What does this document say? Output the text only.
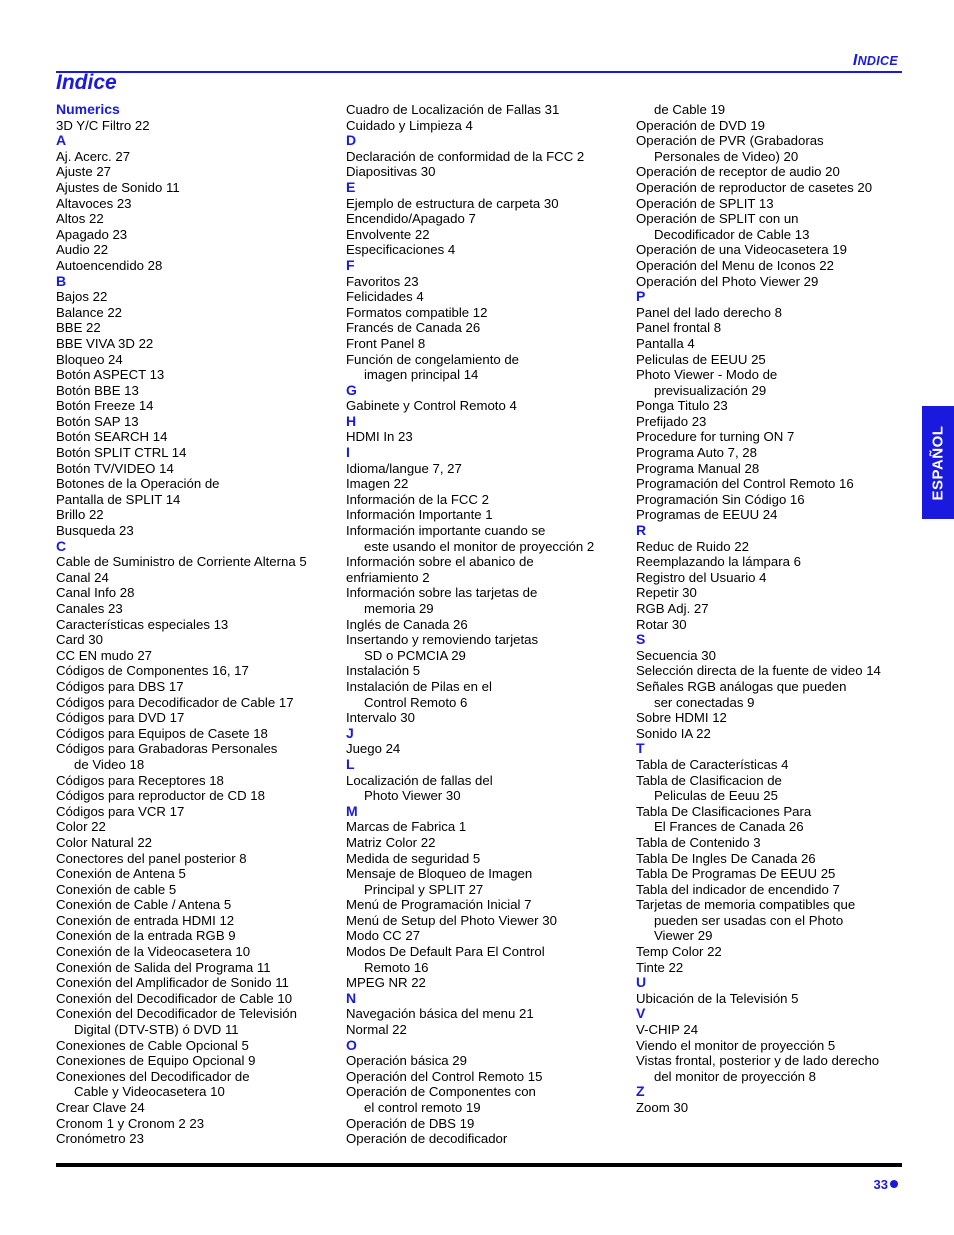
INDICE
Indice
Numerics
3D Y/C Filtro 22
A
Aj. Acerc. 27
Ajuste 27
Ajustes de Sonido 11
Altavoces 23
Altos 22
Apagado 23
Audio 22
Autoencendido 28
B
Bajos 22
Balance 22
BBE 22
BBE VIVA 3D 22
Bloqueo 24
Botón ASPECT 13
Botón BBE 13
Botón Freeze 14
Botón SAP 13
Botón SEARCH 14
Botón SPLIT CTRL 14
Botón TV/VIDEO 14
Botones de la Operación de
Pantalla de SPLIT 14
Brillo 22
Busqueda 23
C
Cable de Suministro de Corriente Alterna 5
Canal 24
Canal Info 28
Canales 23
Características especiales 13
Card 30
CC EN mudo 27
Códigos de Componentes 16, 17
Códigos para DBS 17
Códigos para Decodificador de Cable 17
Códigos para DVD 17
Códigos para Equipos de Casete 18
Códigos para Grabadoras Personales
de Video 18
Códigos para Receptores 18
Códigos para reproductor de CD 18
Códigos para VCR 17
Color 22
Color Natural 22
Conectores del panel posterior 8
Conexión de Antena 5
Conexión de cable 5
Conexión de Cable / Antena 5
Conexión de entrada HDMI 12
Conexión de la entrada RGB 9
Conexión de la Videocasetera 10
Conexión de Salida del Programa 11
Conexión del Amplificador de Sonido 11
Conexión del Decodificador de Cable 10
Conexión del Decodificador de Televisión
Digital (DTV-STB) ó DVD 11
Conexiones de Cable Opcional 5
Conexiones de Equipo Opcional 9
Conexiones del Decodificador de
Cable y Videocasetera 10
Crear Clave 24
Cronom 1 y Cronom 2 23
Cronómetro 23
Cuadro de Localización de Fallas 31
Cuidado y Limpieza 4
D
Declaración de conformidad de la FCC 2
Diapositivas 30
E
Ejemplo de estructura de carpeta 30
Encendido/Apagado 7
Envolvente 22
Especificaciones 4
F
Favoritos 23
Felicidades 4
Formatos compatible 12
Francés de Canada 26
Front Panel 8
Función de congelamiento de
imagen principal 14
G
Gabinete y Control Remoto 4
H
HDMI In 23
I
Idioma/langue 7, 27
Imagen 22
Información de la FCC 2
Información Importante 1
Información importante cuando se
este usando el monitor de proyección 2
Información sobre el abanico de
enfriamiento 2
Información sobre las tarjetas de
memoria 29
Inglés de Canada 26
Insertando y removiendo tarjetas
SD o PCMCIA 29
Instalación 5
Instalación de Pilas en el
Control Remoto 6
Intervalo 30
J
Juego 24
L
Localización de fallas del
Photo Viewer 30
M
Marcas de Fabrica 1
Matriz Color 22
Medida de seguridad 5
Mensaje de Bloqueo de Imagen
Principal y SPLIT 27
Menú de Programación Inicial 7
Menú de Setup del Photo Viewer 30
Modo CC 27
Modos De Default Para El Control
Remoto 16
MPEG NR 22
N
Navegación básica del menu 21
Normal 22
O
Operación básica 29
Operación del Control Remoto 15
Operación de Componentes con
el control remoto 19
Operación de DBS 19
Operación de decodificador
de Cable 19
Operación de DVD 19
Operación de PVR (Grabadoras
Personales de Video) 20
Operación de receptor de audio 20
Operación de reproductor de casetes 20
Operación de SPLIT 13
Operación de SPLIT con un
Decodificador de Cable 13
Operación de una Videocasetera 19
Operación del Menu de Iconos 22
Operación del Photo Viewer 29
P
Panel del lado derecho 8
Panel frontal 8
Pantalla 4
Peliculas de EEUU 25
Photo Viewer - Modo de
previsualización 29
Ponga Titulo 23
Prefijado 23
Procedure for turning ON 7
Programa Auto 7, 28
Programa Manual 28
Programación del Control Remoto 16
Programación Sin Código 16
Programas de EEUU 24
R
Reduc de Ruido 22
Reemplazando la lámpara 6
Registro del Usuario 4
Repetir 30
RGB Adj. 27
Rotar 30
S
Secuencia 30
Selección directa de la fuente de video 14
Señales RGB análogas que pueden
ser conectadas 9
Sobre HDMI 12
Sonido IA 22
T
Tabla de Características 4
Tabla de Clasificacion de
Peliculas de Eeuu 25
Tabla De Clasificaciones Para
El Frances de Canada 26
Tabla de Contenido 3
Tabla De Ingles De Canada 26
Tabla De Programas De EEUU 25
Tabla del indicador de encendido 7
Tarjetas de memoria compatibles que
pueden ser usadas con el Photo
Viewer 29
Temp Color 22
Tinte 22
U
Ubicación de la Televisión 5
V
V-CHIP 24
Viendo el monitor de proyección 5
Vistas frontal, posterior y de lado derecho
del monitor de proyección 8
Z
Zoom 30
ESPAÑOL
33
